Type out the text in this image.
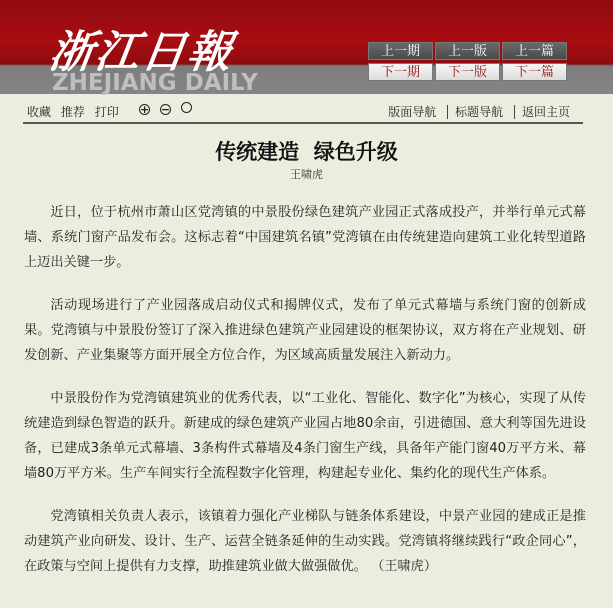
浙江日報
ZHEJIANG DAILY
上一期	上一版	上一篇
下一期	下一版	下一篇
收藏 推荐 打印	+ −	版面导航 标题导航 返回主页
传统建造  绿色升级
王啸虎

近日，位于杭州市萧山区党湾镇的中景股份绿色建筑产业园正式落成投产，并举行单元式幕墙、系统门窗产品发布会。这标志着“中国建筑名镇”党湾镇在由传统建造向建筑工业化转型道路上迈出关键一步。

活动现场进行了产业园落成启动仪式和揭牌仪式，发布了单元式幕墙与系统门窗的创新成果。党湾镇与中景股份签订了深入推进绿色建筑产业园建设的框架协议，双方将在产业规划、研发创新、产业集聚等方面开展全方位合作，为区域高质量发展注入新动力。

中景股份作为党湾镇建筑业的优秀代表，以“工业化、智能化、数字化”为核心，实现了从传统建造到绿色智造的跃升。新建成的绿色建筑产业园占地80余亩，引进德国、意大利等国先进设备，已建成3条单元式幕墙、3条构件式幕墙及4条门窗生产线，具备年产能门窗40万平方米、幕墙80万平方米。生产车间实行全流程数字化管理，构建起专业化、集约化的现代生产体系。

党湾镇相关负责人表示，该镇着力强化产业梯队与链条体系建设，中景产业园的建成正是推动建筑产业向研发、设计、生产、运营全链条延伸的生动实践。党湾镇将继续践行“政企同心”，在政策与空间上提供有力支撑，助推建筑业做大做强做优。 （王啸虎）
